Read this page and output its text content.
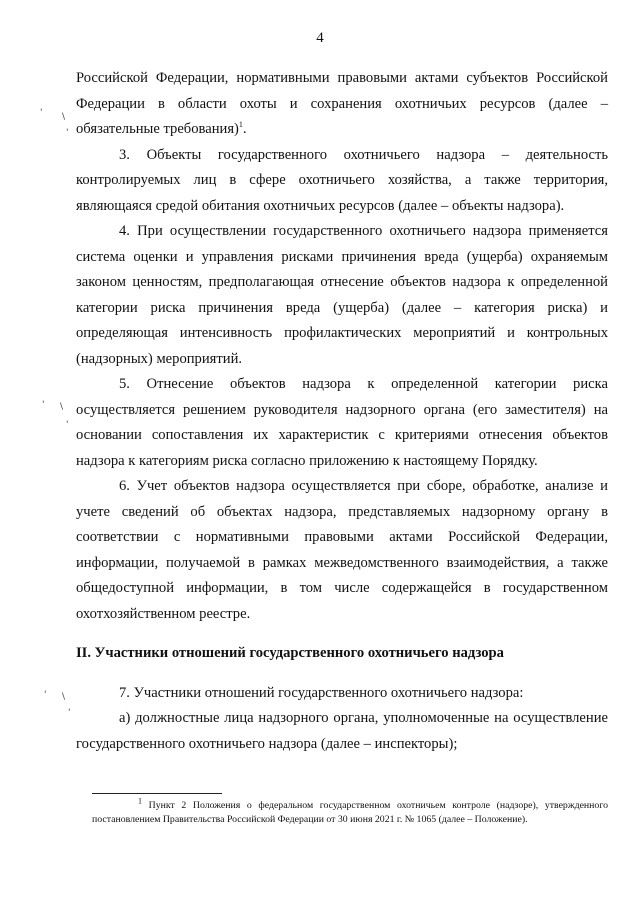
4
' \
'
' \
'
' \
'

Российской Федерации, нормативными правовыми актами субъектов Российской Федерации в области охоты и сохранения охотничьих ресурсов (далее – обязательные требования)$^1$.

3. Объекты государственного охотничьего надзора – деятельность контролируемых лиц в сфере охотничьего хозяйства, а также территория, являющаяся средой обитания охотничьих ресурсов (далее – объекты надзора).

4. При осуществлении государственного охотничьего надзора применяется система оценки и управления рисками причинения вреда (ущерба) охраняемым законом ценностям, предполагающая отнесение объектов надзора к определенной категории риска причинения вреда (ущерба) (далее – категория риска) и определяющая интенсивность профилактических мероприятий и контрольных (надзорных) мероприятий.

5. Отнесение объектов надзора к определенной категории риска осуществляется решением руководителя надзорного органа (его заместителя) на основании сопоставления их характеристик с критериями отнесения объектов надзора к категориям риска согласно приложению к настоящему Порядку.

6. Учет объектов надзора осуществляется при сборе, обработке, анализе и учете сведений об объектах надзора, представляемых надзорному органу в соответствии с нормативными правовыми актами Российской Федерации, информации, получаемой в рамках межведомственного взаимодействия, а также общедоступной информации, в том числе содержащейся в государственном охотхозяйственном реестре.

II. Участники отношений государственного охотничьего надзора

7. Участники отношений государственного охотничьего надзора:

а) должностные лица надзорного органа, уполномоченные на осуществление государственного охотничьего надзора (далее – инспекторы);

$^1$ Пункт 2 Положения о федеральном государственном охотничьем контроле (надзоре), утвержденного постановлением Правительства Российской Федерации от 30 июня 2021 г. № 1065 (далее – Положение).
